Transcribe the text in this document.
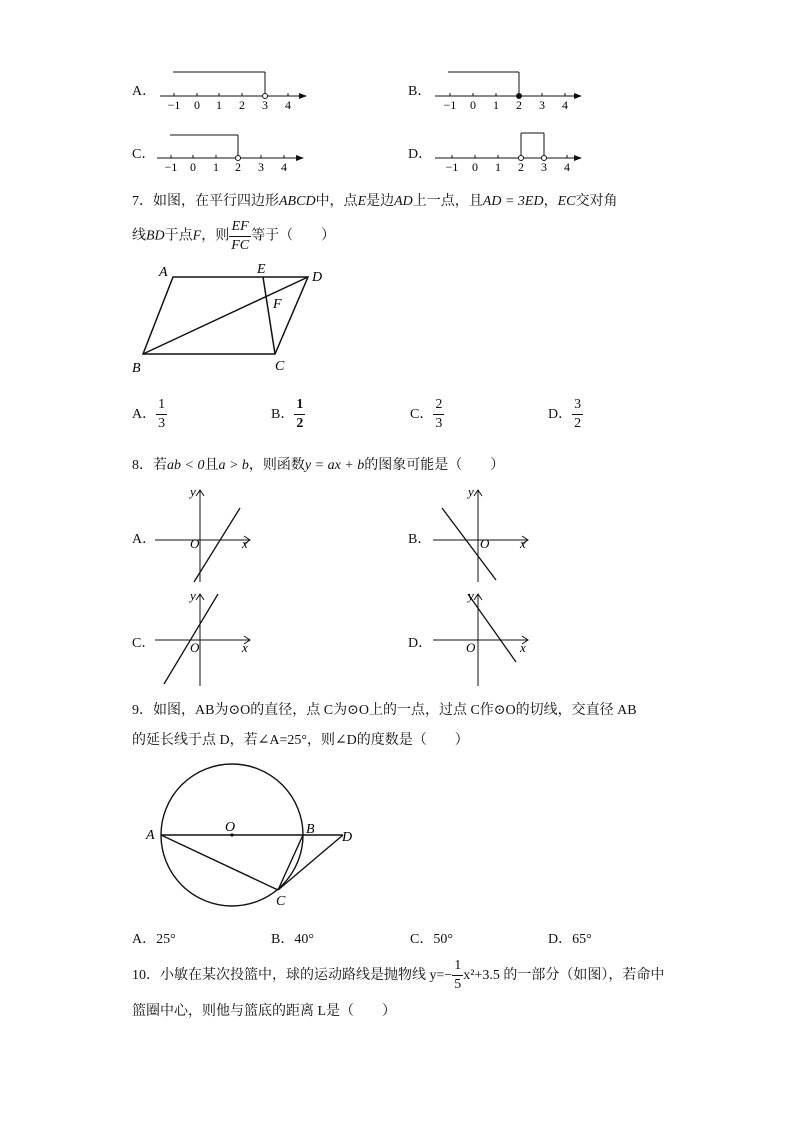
A．
−1 0 1 2 3 4
B．
−1 0 1 2 3 4
C．
−1 0 1 2 3 4
D．
−1 0 1 2 3 4
7．如图，在平行四边形ABCD中，点E是边AD上一点，且AD = 3ED，EC交对角
线BD于点F，则 $\frac{EF}{FC}$ 等于（　　）
A	E
D
F
B	C
A． $\frac{1}{3}$	B． $\frac{1}{2}$	C． $\frac{2}{3}$	D． $\frac{3}{2}$
8．若ab < 0且a > b，则函数y = ax + b的图象可能是（　　）
A．
y
x
O	B．
y
x
O
C．
y
x
O	D．
y
x
O
9．如图，AB为⊙O的直径，点 C为⊙O上的一点，过点 C作⊙O的切线，交直径 AB
的延长线于点 D，若∠A=25°，则∠D的度数是（　　）
A
O	B
D
C
A．25°	B．40°	C．50°	D．65°
10．小敏在某次投篮中，球的运动路线是抛物线 $y=- \frac{1}{5} x^2+3.5$ 的一部分（如图），若命中
篮圈中心，则他与篮底的距离 L是（　　）
